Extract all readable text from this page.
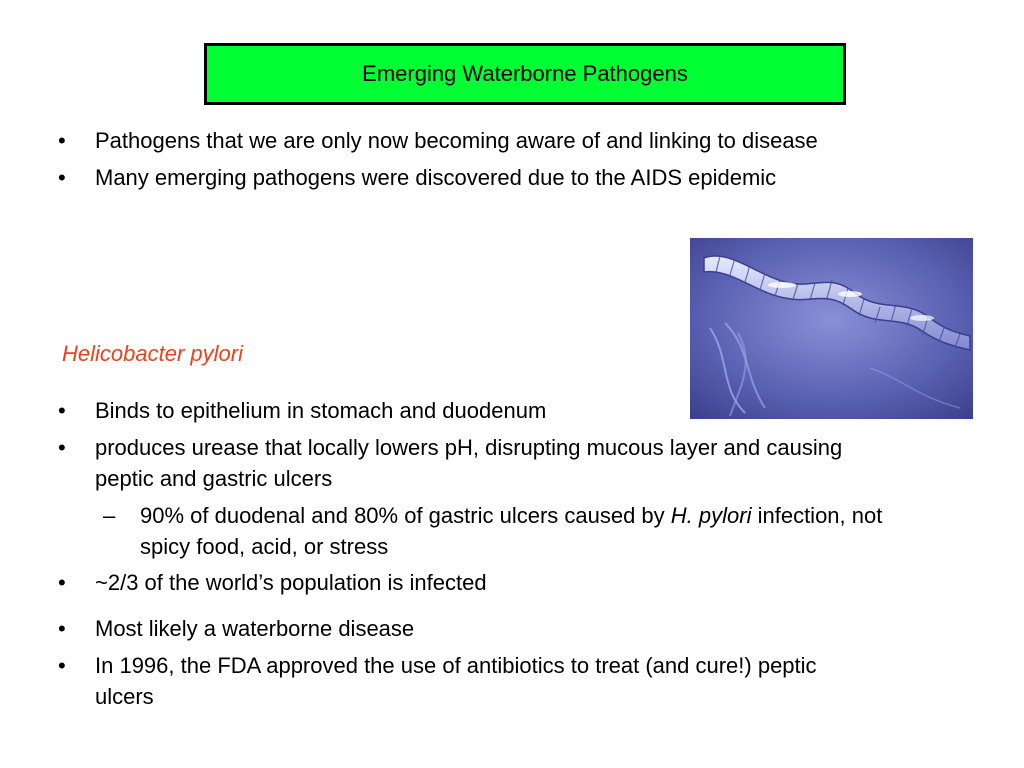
Emerging Waterborne Pathogens
•	Pathogens that we are only now becoming aware of and linking to disease
•	Many emerging pathogens were discovered due to the AIDS epidemic
Helicobacter pylori
•	Binds to epithelium in stomach and duodenum
•	produces urease that locally lowers pH, disrupting mucous layer and causing
peptic and gastric ulcers
– 90% of duodenal and 80% of gastric ulcers caused by H. pylori infection, not
spicy food, acid, or stress
•	~2/3 of the world’s population is infected
•	Most likely a waterborne disease
•	In 1996, the FDA approved the use of antibiotics to treat (and cure!) peptic
ulcers
